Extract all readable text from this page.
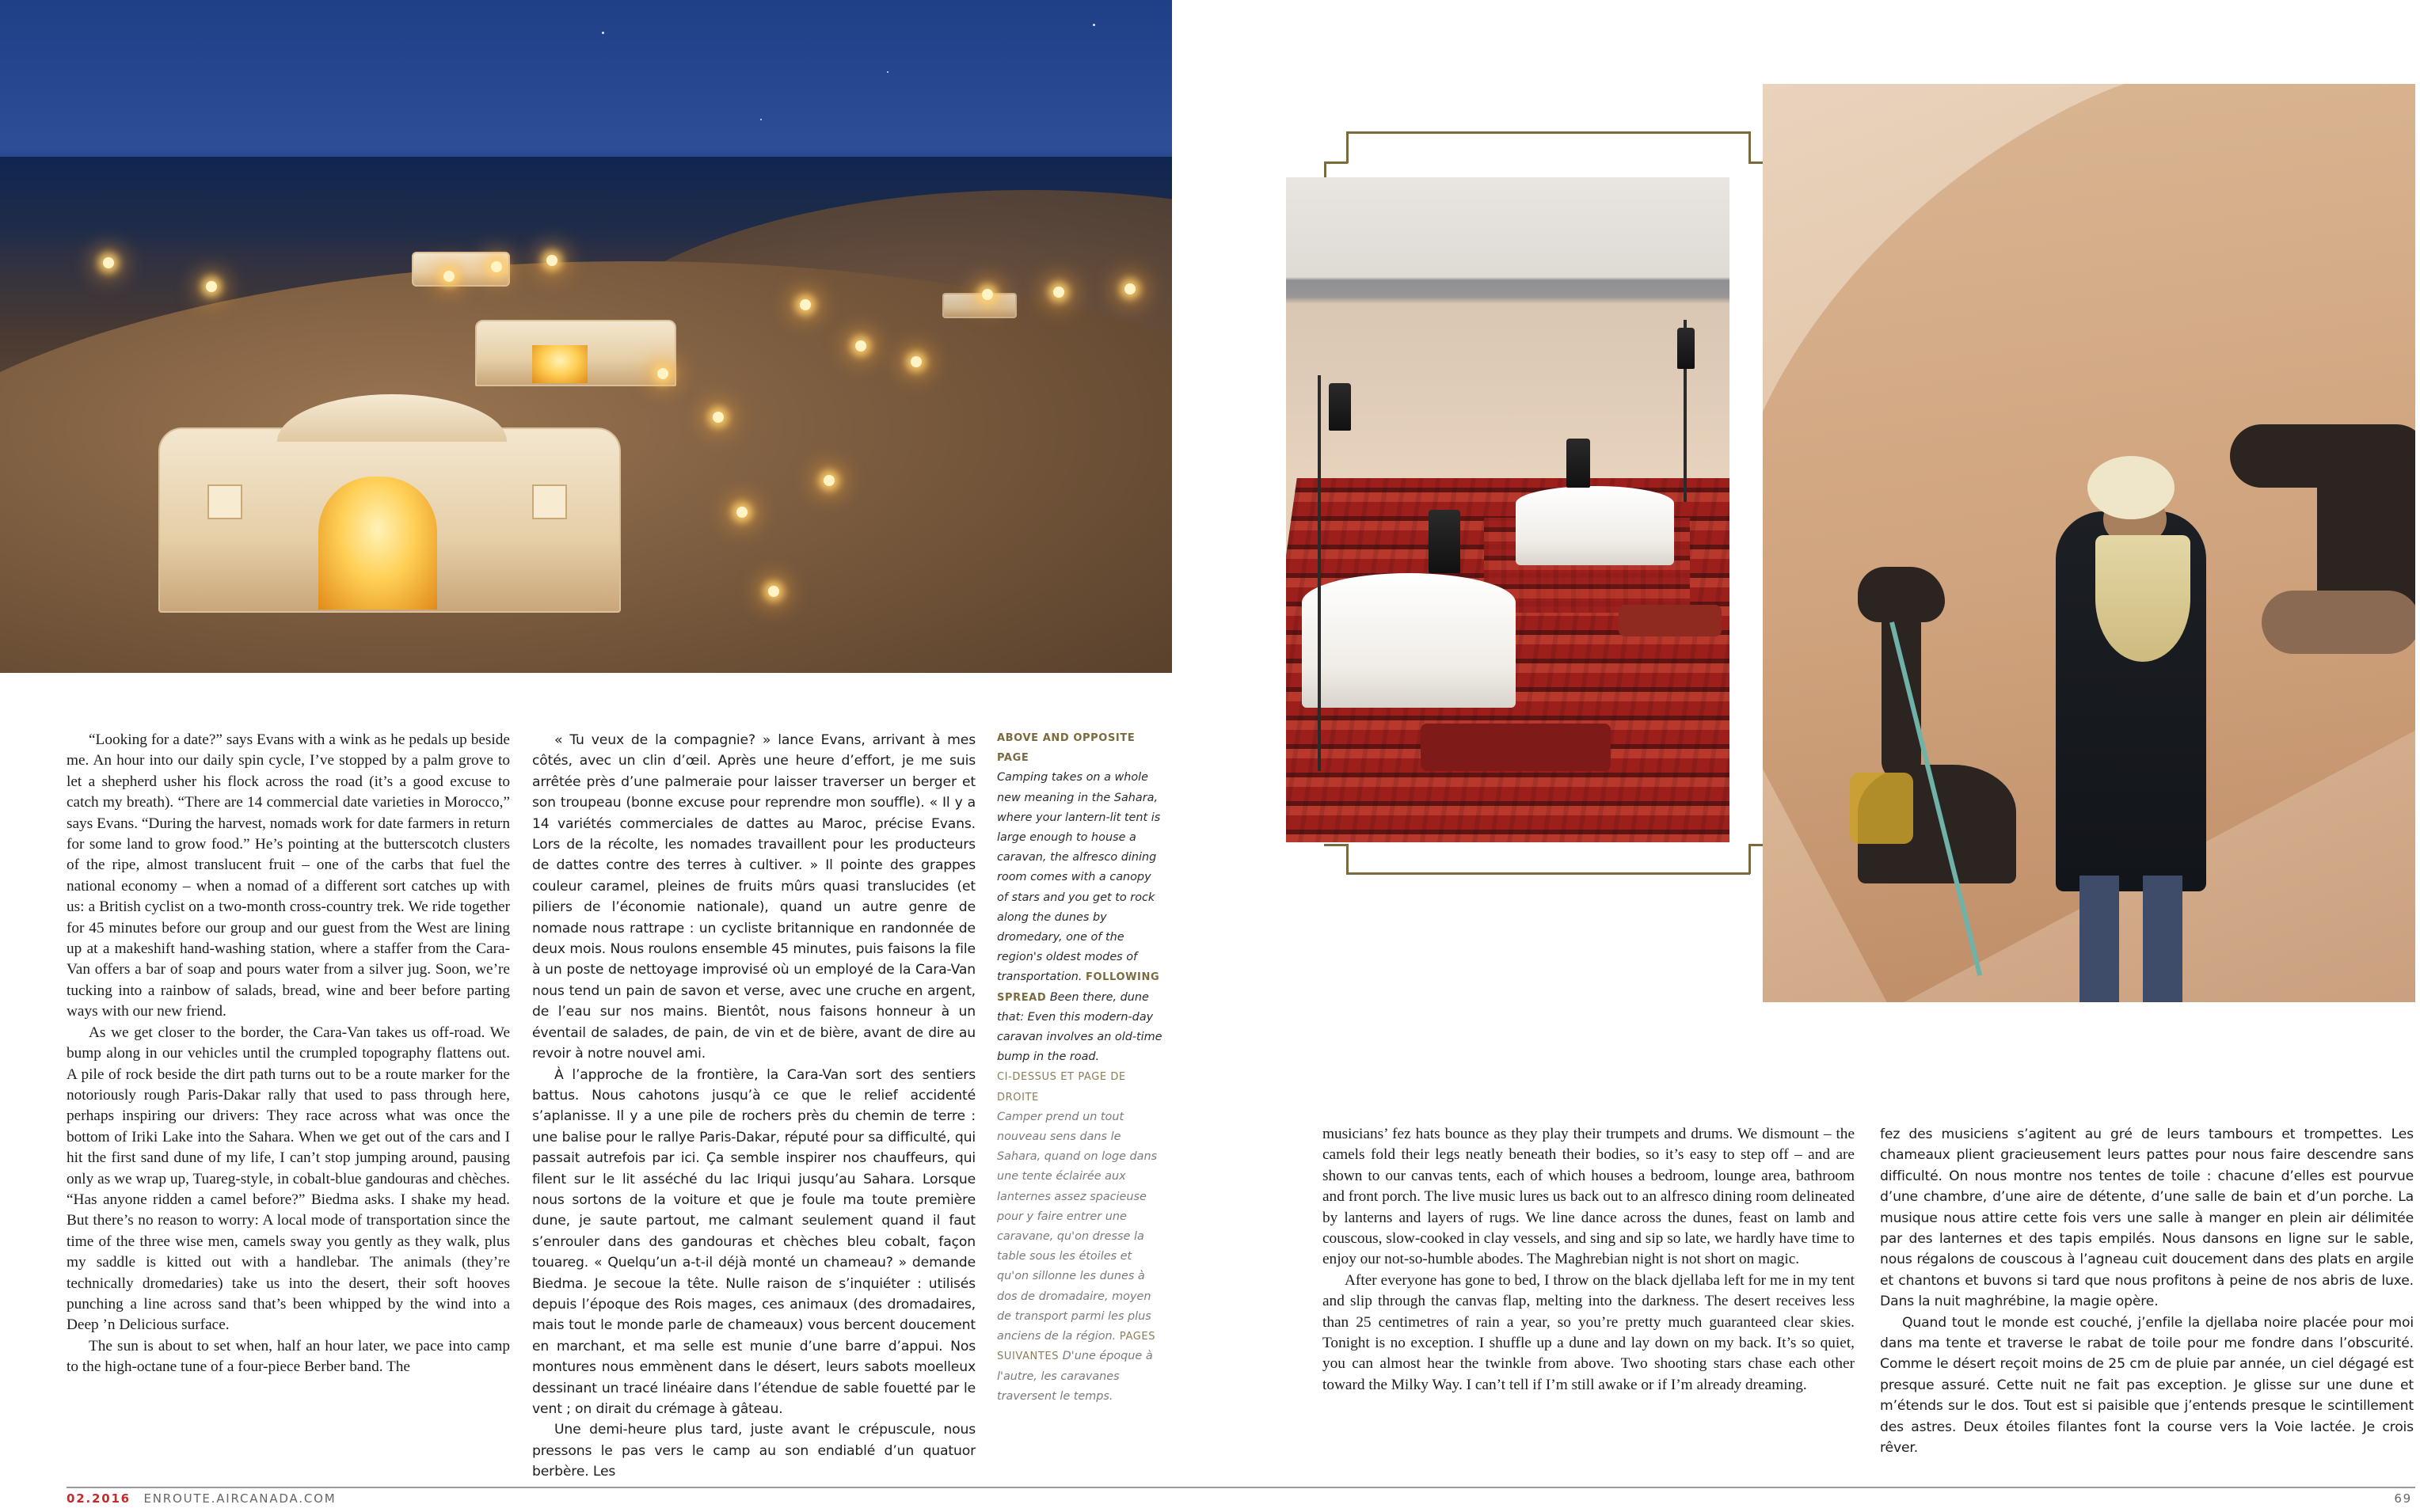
ABOVE AND OPPOSITE PAGE
Camping takes on a whole new meaning in the Sahara, where your lantern-lit tent is large enough to house a caravan, the alfresco dining room comes with a canopy of stars and you get to rock along the dunes by dromedary, one of the region's oldest modes of transportation. FOLLOWING SPREAD Been there, dune that: Even this modern-day caravan involves an old-time bump in the road.
CI-DESSUS ET PAGE DE DROITE
Camper prend un tout nouveau sens dans le Sahara, quand on loge dans une tente éclairée aux lanternes assez spacieuse pour y faire entrer une caravane, qu'on dresse la table sous les étoiles et qu'on sillonne les dunes à dos de dromadaire, moyen de transport parmi les plus anciens de la région. PAGES SUIVANTES D'une époque à l'autre, les caravanes traversent le temps.

“Looking for a date?” says Evans with a wink as he pedals up beside me. An hour into our daily spin cycle, I’ve stopped by a palm grove to let a shepherd usher his flock across the road (it’s a good excuse to catch my breath). “There are 14 commercial date varieties in Morocco,” says Evans. “During the harvest, nomads work for date farmers in return for some land to grow food.” He’s pointing at the butterscotch clusters of the ripe, almost translucent fruit – one of the carbs that fuel the national economy – when a nomad of a different sort catches up with us: a British cyclist on a two-month cross-country trek. We ride together for 45 minutes before our group and our guest from the West are lining up at a makeshift hand-washing station, where a staffer from the Cara-Van offers a bar of soap and pours water from a silver jug. Soon, we’re tucking into a rainbow of salads, bread, wine and beer before parting ways with our new friend.

As we get closer to the border, the Cara-Van takes us off-road. We bump along in our vehicles until the crumpled topography flattens out. A pile of rock beside the dirt path turns out to be a route marker for the notoriously rough Paris-Dakar rally that used to pass through here, perhaps inspiring our drivers: They race across what was once the bottom of Iriki Lake into the Sahara. When we get out of the cars and I hit the first sand dune of my life, I can’t stop jumping around, pausing only as we wrap up, Tuareg-style, in cobalt-blue gandouras and chèches. “Has anyone ridden a camel before?” Biedma asks. I shake my head. But there’s no reason to worry: A local mode of transportation since the time of the three wise men, camels sway you gently as they walk, plus my saddle is kitted out with a handlebar. The animals (they’re technically dromedaries) take us into the desert, their soft hooves punching a line across sand that’s been whipped by the wind into a Deep ’n Delicious surface.

The sun is about to set when, half an hour later, we pace into camp to the high-octane tune of a four-piece Berber band. The

« Tu veux de la compagnie? » lance Evans, arrivant à mes côtés, avec un clin d’œil. Après une heure d’effort, je me suis arrêtée près d’une palmeraie pour laisser traverser un berger et son troupeau (bonne excuse pour reprendre mon souffle). « Il y a 14 variétés commerciales de dattes au Maroc, précise Evans. Lors de la récolte, les nomades travaillent pour les producteurs de dattes contre des terres à cultiver. » Il pointe des grappes couleur caramel, pleines de fruits mûrs quasi translucides (et piliers de l’économie nationale), quand un autre genre de nomade nous rattrape : un cycliste britannique en randonnée de deux mois. Nous roulons ensemble 45 minutes, puis faisons la file à un poste de nettoyage improvisé où un employé de la Cara-Van nous tend un pain de savon et verse, avec une cruche en argent, de l’eau sur nos mains. Bientôt, nous faisons honneur à un éventail de salades, de pain, de vin et de bière, avant de dire au revoir à notre nouvel ami.

À l’approche de la frontière, la Cara-Van sort des sentiers battus. Nous cahotons jusqu’à ce que le relief accidenté s’aplanisse. Il y a une pile de rochers près du chemin de terre : une balise pour le rallye Paris-Dakar, réputé pour sa difficulté, qui passait autrefois par ici. Ça semble inspirer nos chauffeurs, qui filent sur le lit asséché du lac Iriqui jusqu’au Sahara. Lorsque nous sortons de la voiture et que je foule ma toute première dune, je saute partout, me calmant seulement quand il faut s’enrouler dans des gandouras et chèches bleu cobalt, façon touareg. « Quelqu’un a-t-il déjà monté un chameau? » demande Biedma. Je secoue la tête. Nulle raison de s’inquiéter : utilisés depuis l’époque des Rois mages, ces animaux (des dromadaires, mais tout le monde parle de chameaux) vous bercent doucement en marchant, et ma selle est munie d’une barre d’appui. Nos montures nous emmènent dans le désert, leurs sabots moelleux dessinant un tracé linéaire dans l’étendue de sable fouetté par le vent ; on dirait du crémage à gâteau.

Une demi-heure plus tard, juste avant le crépuscule, nous pressons le pas vers le camp au son endiablé d’un quatuor berbère. Les

musicians’ fez hats bounce as they play their trumpets and drums. We dismount – the camels fold their legs neatly beneath their bodies, so it’s easy to step off – and are shown to our canvas tents, each of which houses a bedroom, lounge area, bathroom and front porch. The live music lures us back out to an alfresco dining room delineated by lanterns and layers of rugs. We line dance across the dunes, feast on lamb and couscous, slow-cooked in clay vessels, and sing and sip so late, we hardly have time to enjoy our not-so-humble abodes. The Maghrebian night is not short on magic.

After everyone has gone to bed, I throw on the black djellaba left for me in my tent and slip through the canvas flap, melting into the darkness. The desert receives less than 25 centimetres of rain a year, so you’re pretty much guaranteed clear skies. Tonight is no exception. I shuffle up a dune and lay down on my back. It’s so quiet, you can almost hear the twinkle from above. Two shooting stars chase each other toward the Milky Way. I can’t tell if I’m still awake or if I’m already dreaming.

fez des musiciens s’agitent au gré de leurs tambours et trompettes. Les chameaux plient gracieusement leurs pattes pour nous faire descendre sans difficulté. On nous montre nos tentes de toile : chacune d’elles est pourvue d’une chambre, d’une aire de détente, d’une salle de bain et d’un porche. La musique nous attire cette fois vers une salle à manger en plein air délimitée par des lanternes et des tapis empilés. Nous dansons en ligne sur le sable, nous régalons de couscous à l’agneau cuit doucement dans des plats en argile et chantons et buvons si tard que nous profitons à peine de nos abris de luxe. Dans la nuit maghrébine, la magie opère.

Quand tout le monde est couché, j’enfile la djellaba noire placée pour moi dans ma tente et traverse le rabat de toile pour me fondre dans l’obscurité. Comme le désert reçoit moins de 25 cm de pluie par année, un ciel dégagé est presque assuré. Cette nuit ne fait pas exception. Je glisse sur une dune et m’étends sur le dos. Tout est si paisible que j’entends presque le scintillement des astres. Deux étoiles filantes font la course vers la Voie lactée. Je crois rêver.

02.2016 ENROUTE.AIRCANADA.COM	69
